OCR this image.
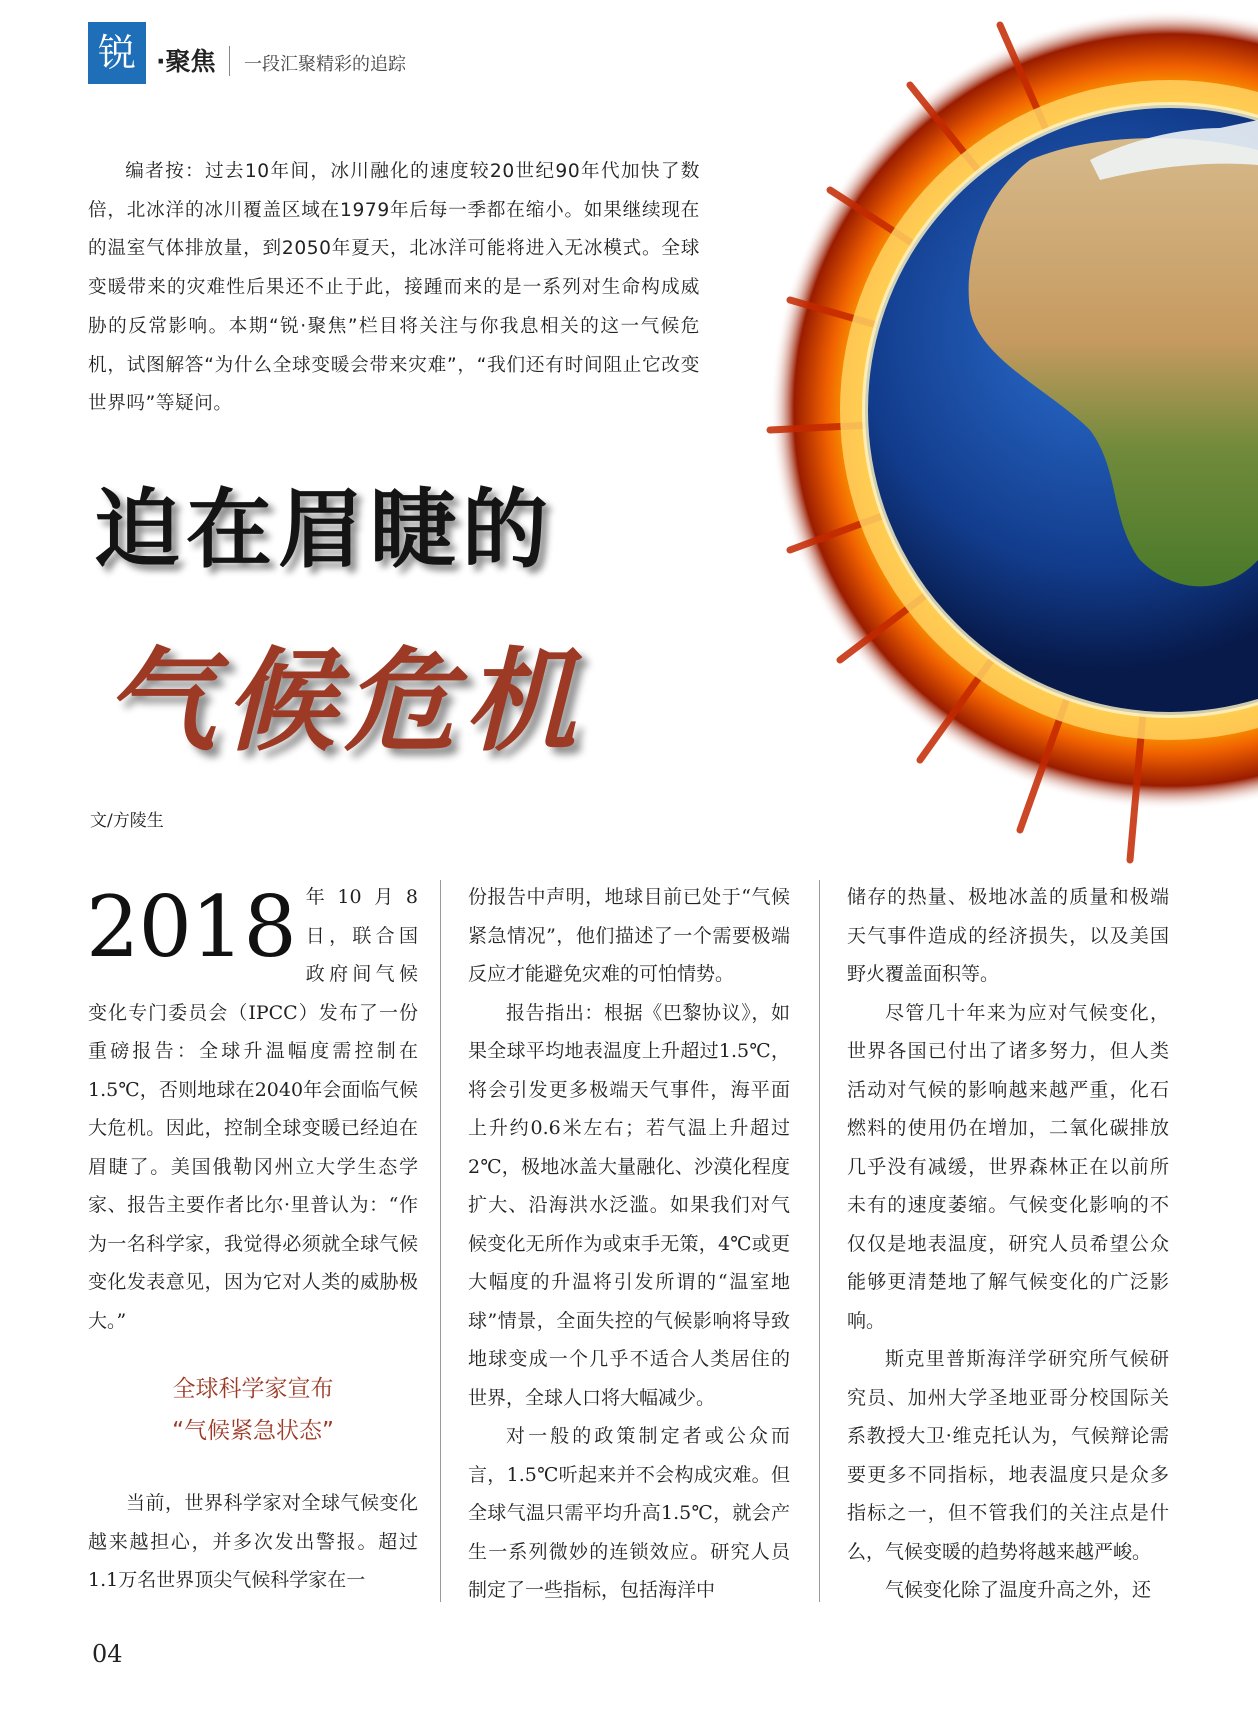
锐 ·聚焦 一段汇聚精彩的追踪
编者按：过去10年间，冰川融化的速度较20世纪90年代加快了数倍，北冰洋的冰川覆盖区域在1979年后每一季都在缩小。如果继续现在的温室气体排放量，到2050年夏天，北冰洋可能将进入无冰模式。全球变暖带来的灾难性后果还不止于此，接踵而来的是一系列对生命构成威胁的反常影响。本期“锐·聚焦”栏目将关注与你我息相关的这一气候危机，试图解答“为什么全球变暖会带来灾难”，“我们还有时间阻止它改变世界吗”等疑问。
迫在眉睫的
气候危机
文/方陵生
2018 年10月8日，联合国政府间气候变化专门委员会（IPCC）发布了一份重磅报告：全球升温幅度需控制在1.5℃，否则地球在2040年会面临气候大危机。因此，控制全球变暖已经迫在眉睫了。美国俄勒冈州立大学生态学家、报告主要作者比尔·里普认为：“作为一名科学家，我觉得必须就全球气候变化发表意见，因为它对人类的威胁极大。”

全球科学家宣布
“气候紧急状态”

当前，世界科学家对全球气候变化越来越担心，并多次发出警报。超过1.1万名世界顶尖气候科学家在一

份报告中声明，地球目前已处于“气候紧急情况”，他们描述了一个需要极端反应才能避免灾难的可怕情势。

报告指出：根据《巴黎协议》，如果全球平均地表温度上升超过1.5℃，将会引发更多极端天气事件，海平面上升约0.6米左右；若气温上升超过2℃，极地冰盖大量融化、沙漠化程度扩大、沿海洪水泛滥。如果我们对气候变化无所作为或束手无策，4℃或更大幅度的升温将引发所谓的“温室地球”情景，全面失控的气候影响将导致地球变成一个几乎不适合人类居住的世界，全球人口将大幅减少。

对一般的政策制定者或公众而言，1.5℃听起来并不会构成灾难。但全球气温只需平均升高1.5℃，就会产生一系列微妙的连锁效应。研究人员制定了一些指标，包括海洋中

储存的热量、极地冰盖的质量和极端天气事件造成的经济损失，以及美国野火覆盖面积等。

尽管几十年来为应对气候变化，世界各国已付出了诸多努力，但人类活动对气候的影响越来越严重，化石燃料的使用仍在增加，二氧化碳排放几乎没有减缓，世界森林正在以前所未有的速度萎缩。气候变化影响的不仅仅是地表温度，研究人员希望公众能够更清楚地了解气候变化的广泛影响。

斯克里普斯海洋学研究所气候研究员、加州大学圣地亚哥分校国际关系教授大卫·维克托认为，气候辩论需要更多不同指标，地表温度只是众多指标之一，但不管我们的关注点是什么，气候变暖的趋势将越来越严峻。

气候变化除了温度升高之外，还

04
